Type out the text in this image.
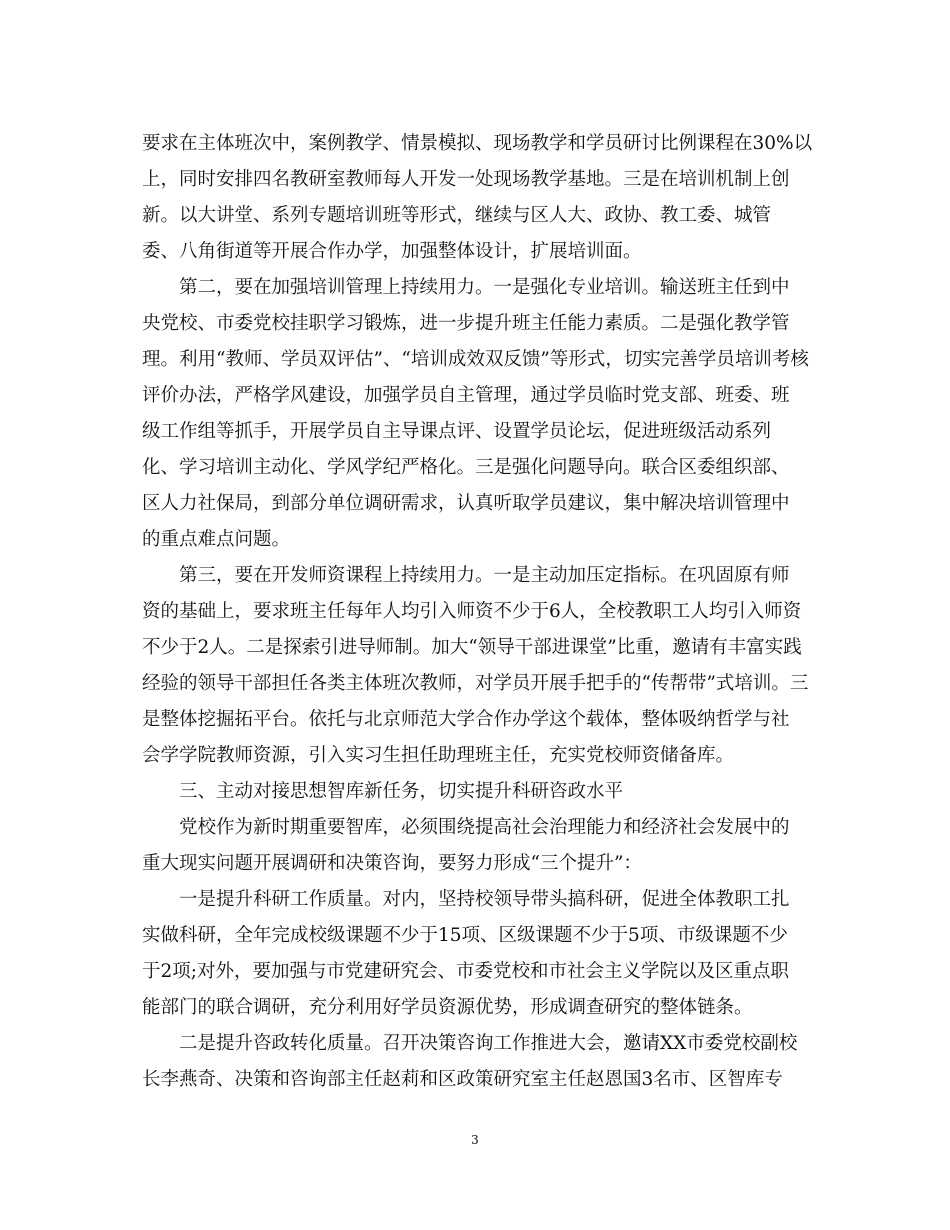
要求在主体班次中，案例教学、情景模拟、现场教学和学员研讨比例课程在30%以
上，同时安排四名教研室教师每人开发一处现场教学基地。三是在培训机制上创
新。以大讲堂、系列专题培训班等形式，继续与区人大、政协、教工委、城管
委、八角街道等开展合作办学，加强整体设计，扩展培训面。
　　第二，要在加强培训管理上持续用力。一是强化专业培训。输送班主任到中
央党校、市委党校挂职学习锻炼，进一步提升班主任能力素质。二是强化教学管
理。利用“教师、学员双评估”、“培训成效双反馈”等形式，切实完善学员培训考核
评价办法，严格学风建设，加强学员自主管理，通过学员临时党支部、班委、班
级工作组等抓手，开展学员自主导课点评、设置学员论坛，促进班级活动系列
化、学习培训主动化、学风学纪严格化。三是强化问题导向。联合区委组织部、
区人力社保局，到部分单位调研需求，认真听取学员建议，集中解决培训管理中
的重点难点问题。
　　第三，要在开发师资课程上持续用力。一是主动加压定指标。在巩固原有师
资的基础上，要求班主任每年人均引入师资不少于6人，全校教职工人均引入师资
不少于2人。二是探索引进导师制。加大“领导干部进课堂”比重，邀请有丰富实践
经验的领导干部担任各类主体班次教师，对学员开展手把手的“传帮带”式培训。三
是整体挖掘拓平台。依托与北京师范大学合作办学这个载体，整体吸纳哲学与社
会学学院教师资源，引入实习生担任助理班主任，充实党校师资储备库。
　　三、主动对接思想智库新任务，切实提升科研咨政水平
　　党校作为新时期重要智库，必须围绕提高社会治理能力和经济社会发展中的
重大现实问题开展调研和决策咨询，要努力形成“三个提升”：
　　一是提升科研工作质量。对内，坚持校领导带头搞科研，促进全体教职工扎
实做科研，全年完成校级课题不少于15项、区级课题不少于5项、市级课题不少
于2项;对外，要加强与市党建研究会、市委党校和市社会主义学院以及区重点职
能部门的联合调研，充分利用好学员资源优势，形成调查研究的整体链条。
　　二是提升咨政转化质量。召开决策咨询工作推进大会，邀请XX市委党校副校
长李燕奇、决策和咨询部主任赵莉和区政策研究室主任赵恩国3名市、区智库专
3
